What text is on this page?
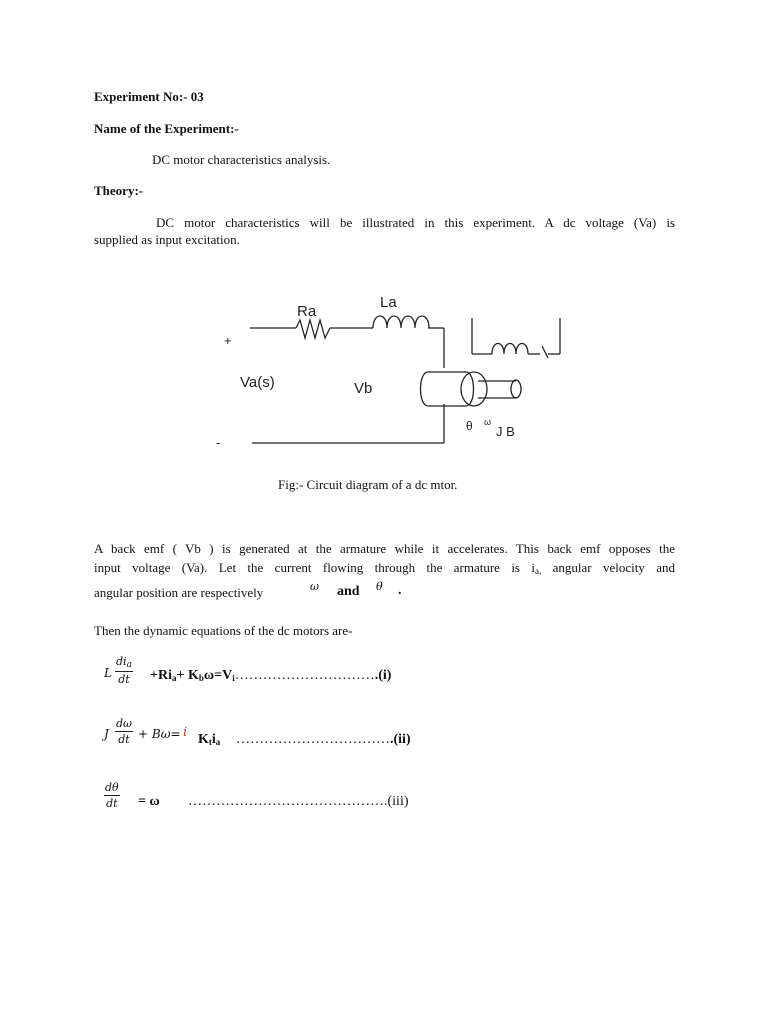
Experiment No:- 03
Name of the Experiment:-
DC motor characteristics analysis.
Theory:-
DC motor characteristics will be illustrated in this experiment. A dc voltage (Va) is
supplied as input excitation.
Ra
La
+
Va(s)	Vb
-
θ ω
J B
Fig:- Circuit diagram of a dc mtor.
A back emf ( Vb ) is generated at the armature while it accelerates. This back emf opposes the
input voltage (Va). Let the current flowing through the armature is $i_{a,}$ angular velocity and
angular position are respectively	ω and θ .
Then the dynamic equations of the dc motors are-
L
$di_a$
dt $+Ri_a+$ $K_b\omega=V_i\dots\dots\dots\dots\dots\dots\dots\dots\dots\dots.(i)$
J $\frac{d\omega}{dt} + B\omega= i$ $K_ti_a$ …………………………….(ii)
$\frac{d\theta}{dt} = \omega$ …………………………………….(iii)
